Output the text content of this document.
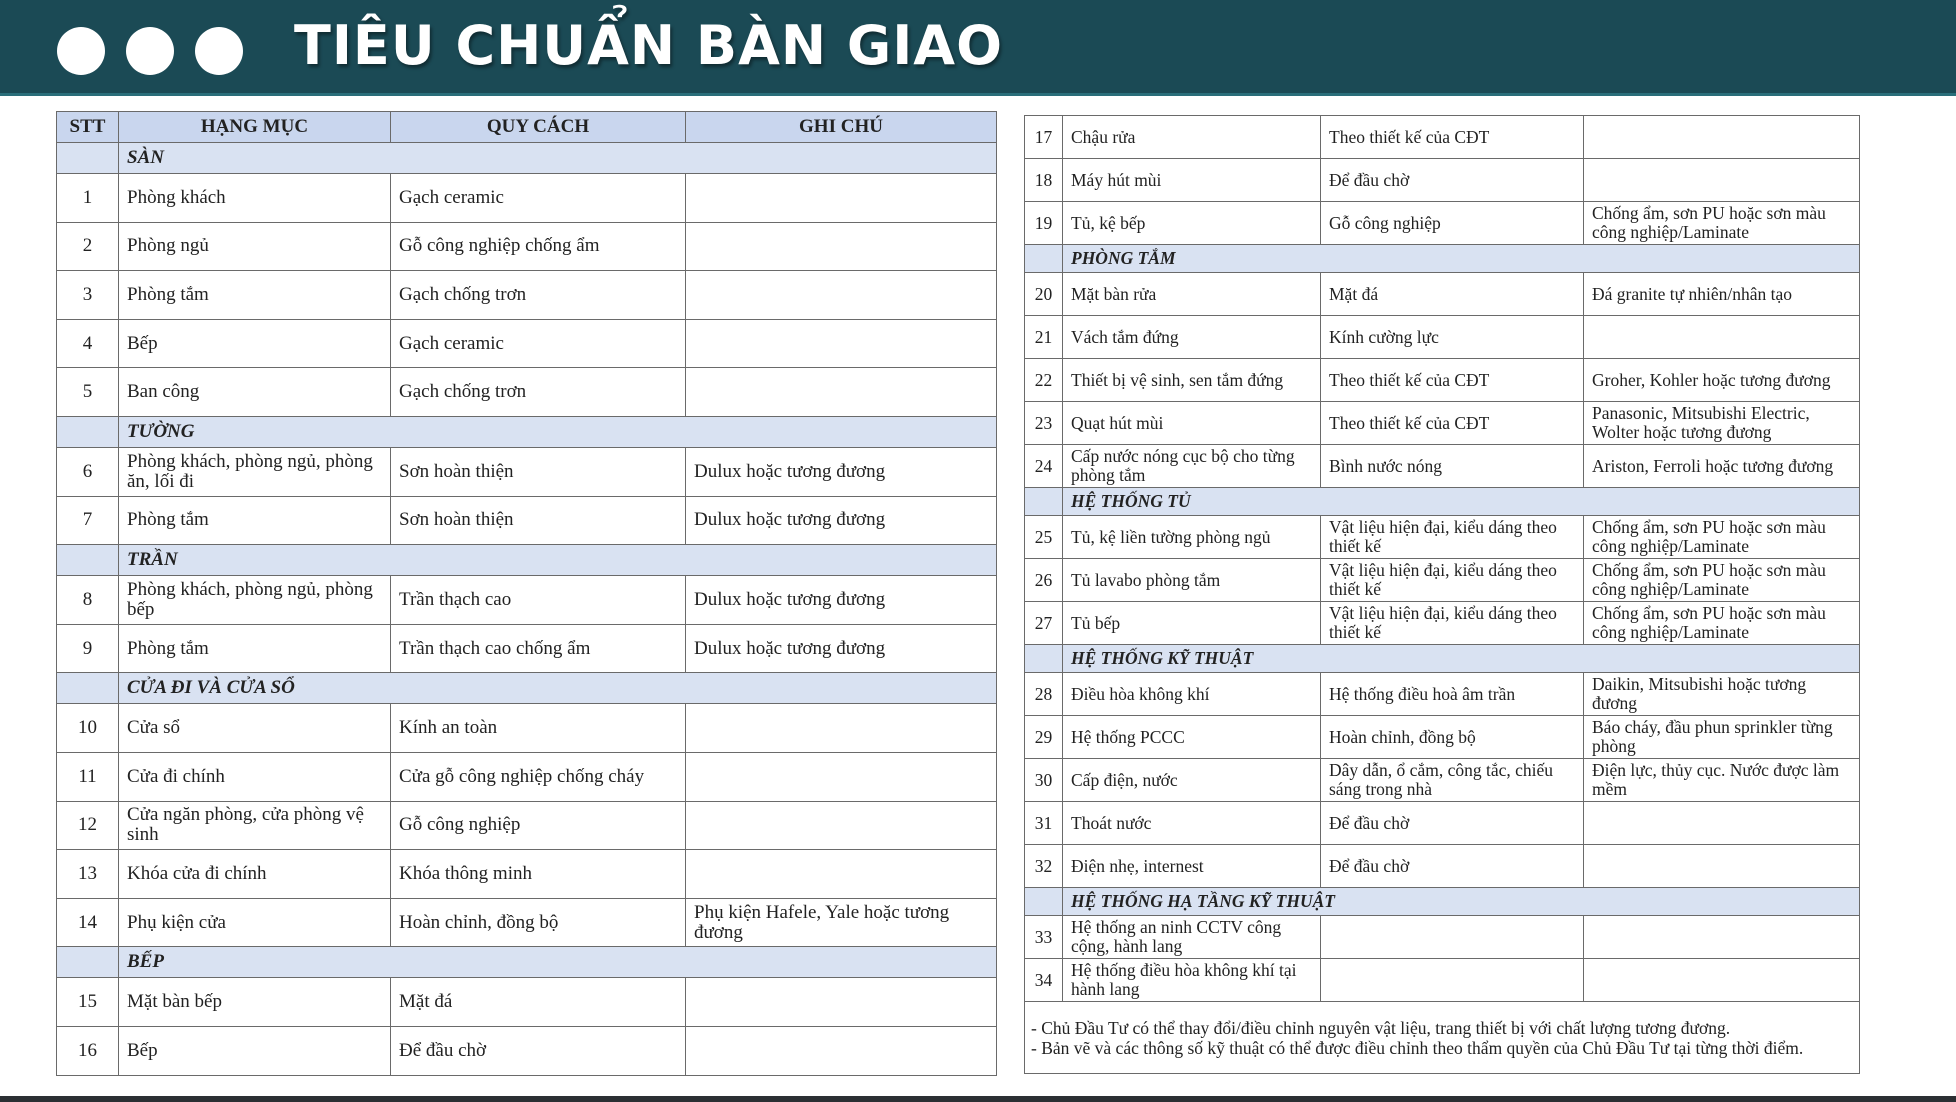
TIÊU CHUẨN BÀN GIAO
STT	HẠNG MỤC	QUY CÁCH	GHI CHÚ
	SÀN		
1	Phòng khách	Gạch ceramic	
2	Phòng ngủ	Gỗ công nghiệp chống ẩm	
3	Phòng tắm	Gạch chống trơn	
4	Bếp	Gạch ceramic	
5	Ban công	Gạch chống trơn	
	TƯỜNG		
6	Phòng khách, phòng ngủ, phòng ăn, lối đi	Sơn hoàn thiện	Dulux hoặc tương đương
7	Phòng tắm	Sơn hoàn thiện	Dulux hoặc tương đương
	TRẦN		
8	Phòng khách, phòng ngủ, phòng bếp	Trần thạch cao	Dulux hoặc tương đương
9	Phòng tắm	Trần thạch cao chống ẩm	Dulux hoặc tương đương
	CỬA ĐI VÀ CỬA SỔ		
10	Cửa sổ	Kính an toàn	
11	Cửa đi chính	Cửa gỗ công nghiệp chống cháy	
12	Cửa ngăn phòng, cửa phòng vệ sinh	Gỗ công nghiệp	
13	Khóa cửa đi chính	Khóa thông minh	
14	Phụ kiện cửa	Hoàn chỉnh, đồng bộ	Phụ kiện Hafele, Yale hoặc tương đương
	BẾP		
15	Mặt bàn bếp	Mặt đá	
16	Bếp	Để đầu chờ	
17	Chậu rửa	Theo thiết kế của CĐT	
18	Máy hút mùi	Để đầu chờ	
19	Tủ, kệ bếp	Gỗ công nghiệp	Chống ẩm, sơn PU hoặc sơn màu công nghiệp/Laminate
	PHÒNG TẮM		
20	Mặt bàn rửa	Mặt đá	Đá granite tự nhiên/nhân tạo
21	Vách tắm đứng	Kính cường lực	
22	Thiết bị vệ sinh, sen tắm đứng	Theo thiết kế của CĐT	Groher, Kohler hoặc tương đương
23	Quạt hút mùi	Theo thiết kế của CĐT	Panasonic, Mitsubishi Electric, Wolter hoặc tương đương
24	Cấp nước nóng cục bộ cho từng phòng tắm	Bình nước nóng	Ariston, Ferroli hoặc tương đương
	HỆ THỐNG TỦ		
25	Tủ, kệ liền tường phòng ngủ	Vật liệu hiện đại, kiểu dáng theo thiết kế	Chống ẩm, sơn PU hoặc sơn màu công nghiệp/Laminate
26	Tủ lavabo phòng tắm	Vật liệu hiện đại, kiểu dáng theo thiết kế	Chống ẩm, sơn PU hoặc sơn màu công nghiệp/Laminate
27	Tủ bếp	Vật liệu hiện đại, kiểu dáng theo thiết kế	Chống ẩm, sơn PU hoặc sơn màu công nghiệp/Laminate
	HỆ THỐNG KỸ THUẬT		
28	Điều hòa không khí	Hệ thống điều hoà âm trần	Daikin, Mitsubishi hoặc tương đương
29	Hệ thống PCCC	Hoàn chỉnh, đồng bộ	Báo cháy, đầu phun sprinkler từng phòng
30	Cấp điện, nước	Dây dẫn, ổ cắm, công tắc, chiếu sáng trong nhà	Điện lực, thủy cục. Nước được làm mềm
31	Thoát nước	Để đầu chờ	
32	Điện nhẹ, internest	Để đầu chờ	
	HỆ THỐNG HẠ TẦNG KỸ THUẬT		
33	Hệ thống an ninh CCTV công cộng, hành lang		
34	Hệ thống điều hòa không khí tại hành lang		

- Chủ Đầu Tư có thể thay đổi/điều chỉnh nguyên vật liệu, trang thiết bị với chất lượng tương đương.
- Bản vẽ và các thông số kỹ thuật có thể được điều chỉnh theo thẩm quyền của Chủ Đầu Tư tại từng thời điểm.			
